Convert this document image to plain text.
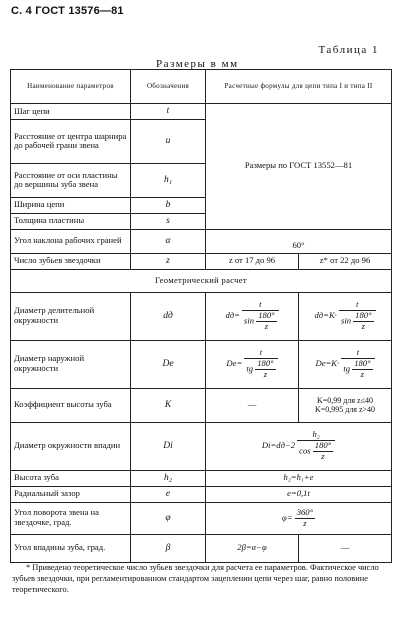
С. 4 ГОСТ 13576—81
Таблица 1
Размеры в мм
Наименование параметров	Обозначения	Расчетные формулы для цепи типа I и типа II	
Шаг цепи	t	Размеры по ГОСТ 13552—81	
Расстояние от центра шарнира до рабочей грани звена	u		
Расстояние от оси пластины до вершины зуба звена	h₁		
Ширина цепи	b		
Толщина пластины	s		
Угол наклона рабочих граней	α	60°	
Число зубьев звездочки	z	z от 17 до 96	z* от 22 до 96
Геометрический расчет			
Диаметр делительной окружности	dд	$dд= \frac{t}{\sin \frac{180^\circ}{z}}$	$dд=K\cdot \frac{t}{\sin \frac{180^\circ}{z}}$

Диаметр наружной окружности	Dе	$Dе= \frac{t}{tg \frac{180^\circ}{z}}$	$Dе=K\cdot \frac{t}{tg \frac{180^\circ}{z}}$

Коэффициент высоты зуба	K	—	K=0,99 для z≤40
K=0,995 для z>40

Диаметр окружности впадин	Di	$Di=dд-2 \frac{\text{h₂}}{\cos \frac{180^\circ}{z}}$

Высота зуба	h₂	h₂=h₁+e	
Радиальный зазор	e	e=0,1t	
Угол поворота звена на звездочке, град.	φ	$\varphi= \frac{360^\circ}{z}$

Угол впадины зуба, град.	β	2β=α−φ	—
* Приведено теоретическое число зубьев звездочки для расчета ее параметров. Фактическое число зубьев звездочки, при регламентированном стандартом зацеплении цепи через шаг, равно половине теоретического.
